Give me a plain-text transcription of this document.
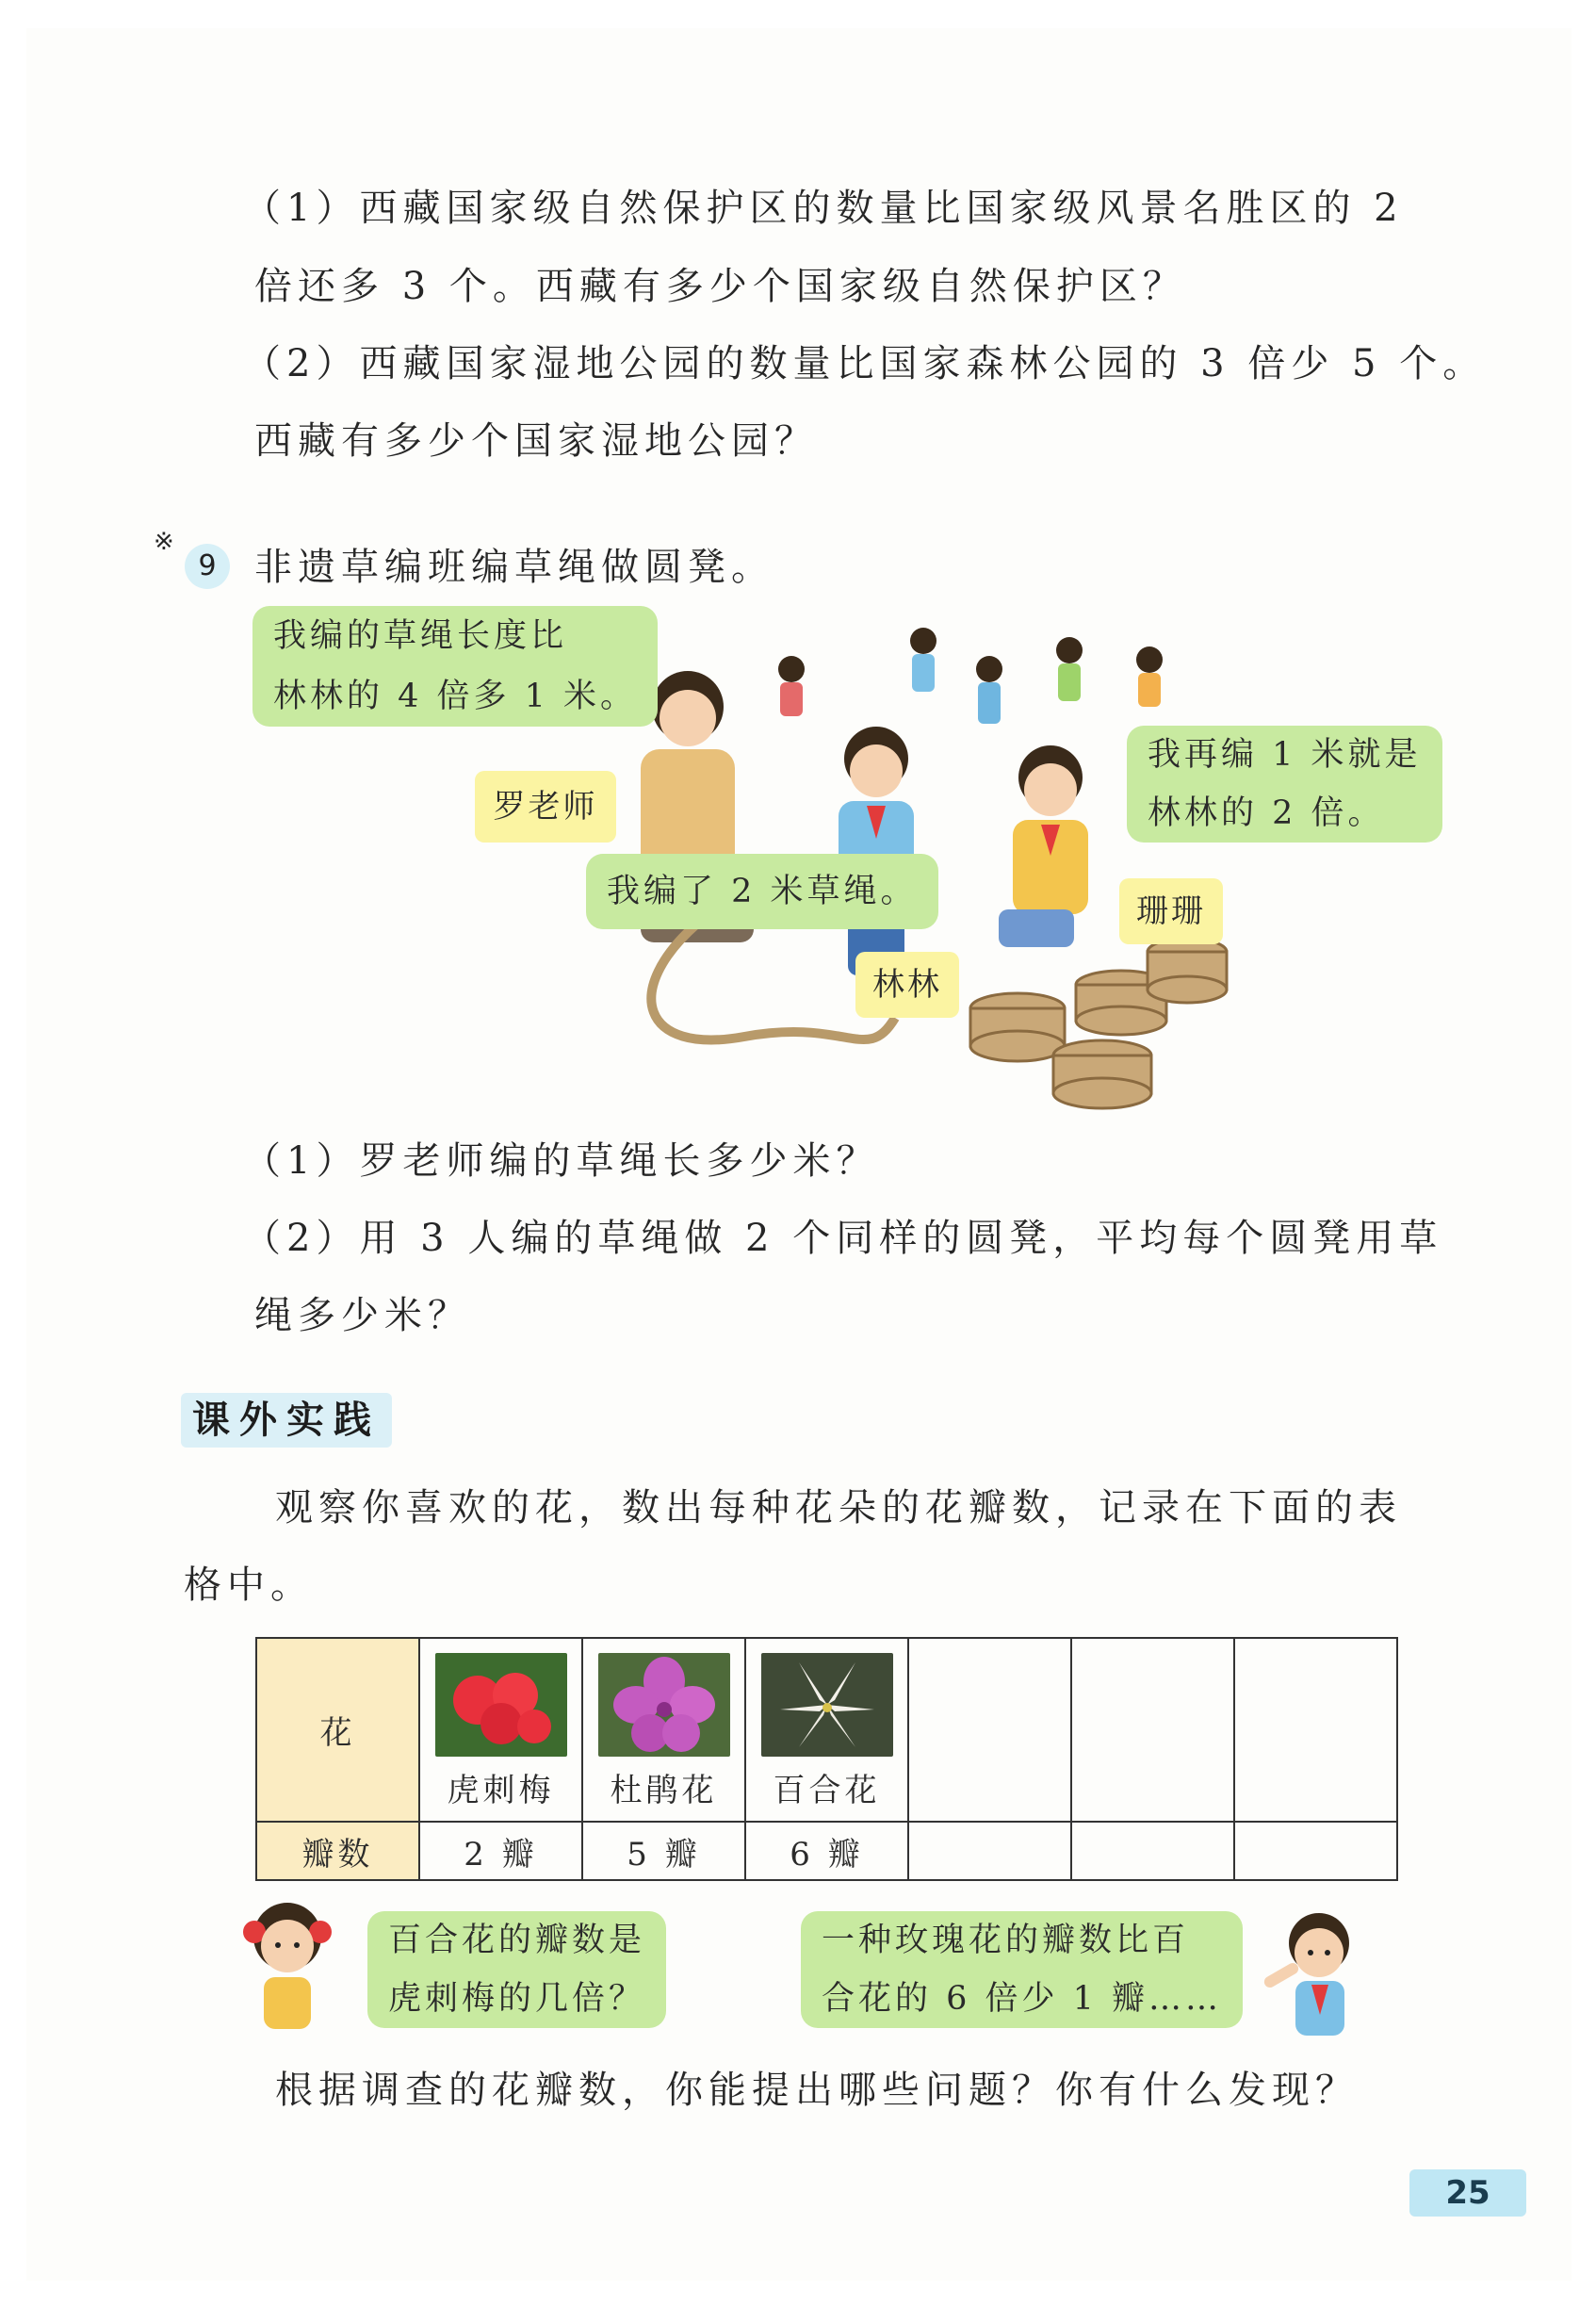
（1）西藏国家级自然保护区的数量比国家级风景名胜区的 2
倍还多 3 个。西藏有多少个国家级自然保护区？
（2）西藏国家湿地公园的数量比国家森林公园的 3 倍少 5 个。
西藏有多少个国家湿地公园？
※
9	非遗草编班编草绳做圆凳。
我编的草绳长度比
林林的 4 倍多 1 米。
罗老师
我再编 1 米就是
林林的 2 倍。
珊珊
我编了 2 米草绳。
林林
（1）罗老师编的草绳长多少米？
（2）用 3 人编的草绳做 2 个同样的圆凳，平均每个圆凳用草
绳多少米？
课外实践
观察你喜欢的花，数出每种花朵的花瓣数，记录在下面的表
格中。
花	虎刺梅	杜鹃花	百合花			

瓣数	2 瓣	5 瓣	6 瓣			
百合花的瓣数是
虎刺梅的几倍？
一种玫瑰花的瓣数比百
合花的 6 倍少 1 瓣……
根据调查的花瓣数，你能提出哪些问题？你有什么发现？
25
